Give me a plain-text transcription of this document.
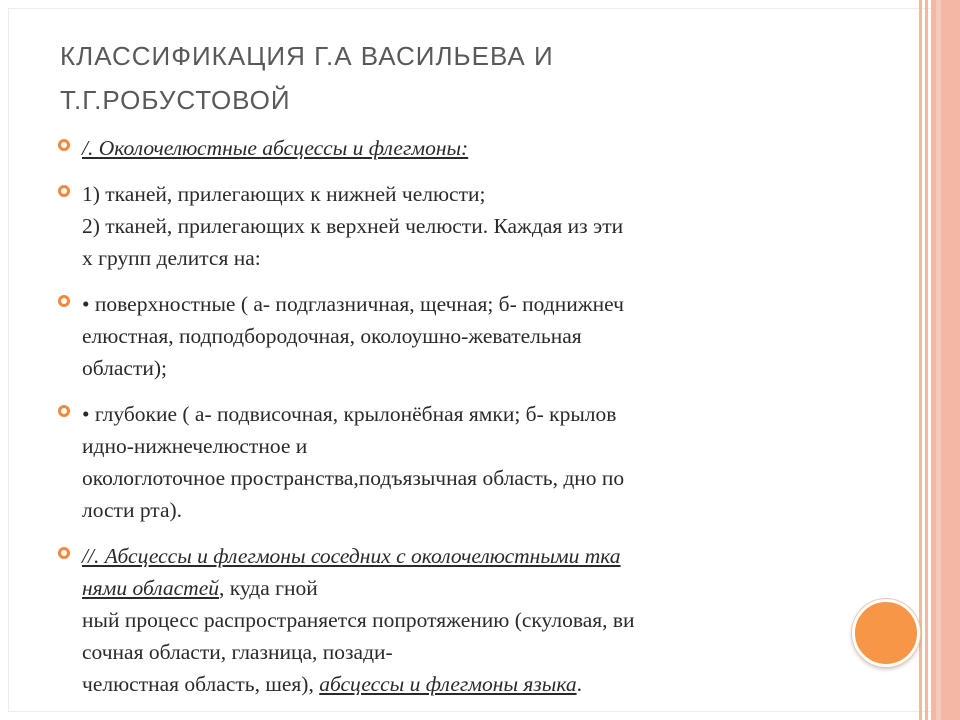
КЛАССИФИКАЦИЯ Г.А ВАСИЛЬЕВА И
Т.Г.РОБУСТОВОЙ
/. Околочелюстные абсцессы и флегмоны:
1) тканей, прилегающих к нижней челюсти;
2) тканей, прилегающих к верхней челюсти. Каждая из эти
х групп делится на:
• поверхностные ( а- подглазничная, щечная; б- поднижнеч
елюстная, подподбородочная, околоушно-жевательная
области);
• глубокие ( а- подвисочная, крылонёбная ямки; б- крылов
идно-нижнечелюстное и
окологлоточное пространства,подъязычная область, дно по
лости рта).
//. Абсцессы и флегмоны соседних с околочелюстными тка
нями областей, куда гной
ный процесс распространяется попротяжению (скуловая, ви
сочная области, глазница, позади-
челюстная область, шея), абсцессы и флегмоны языка.
